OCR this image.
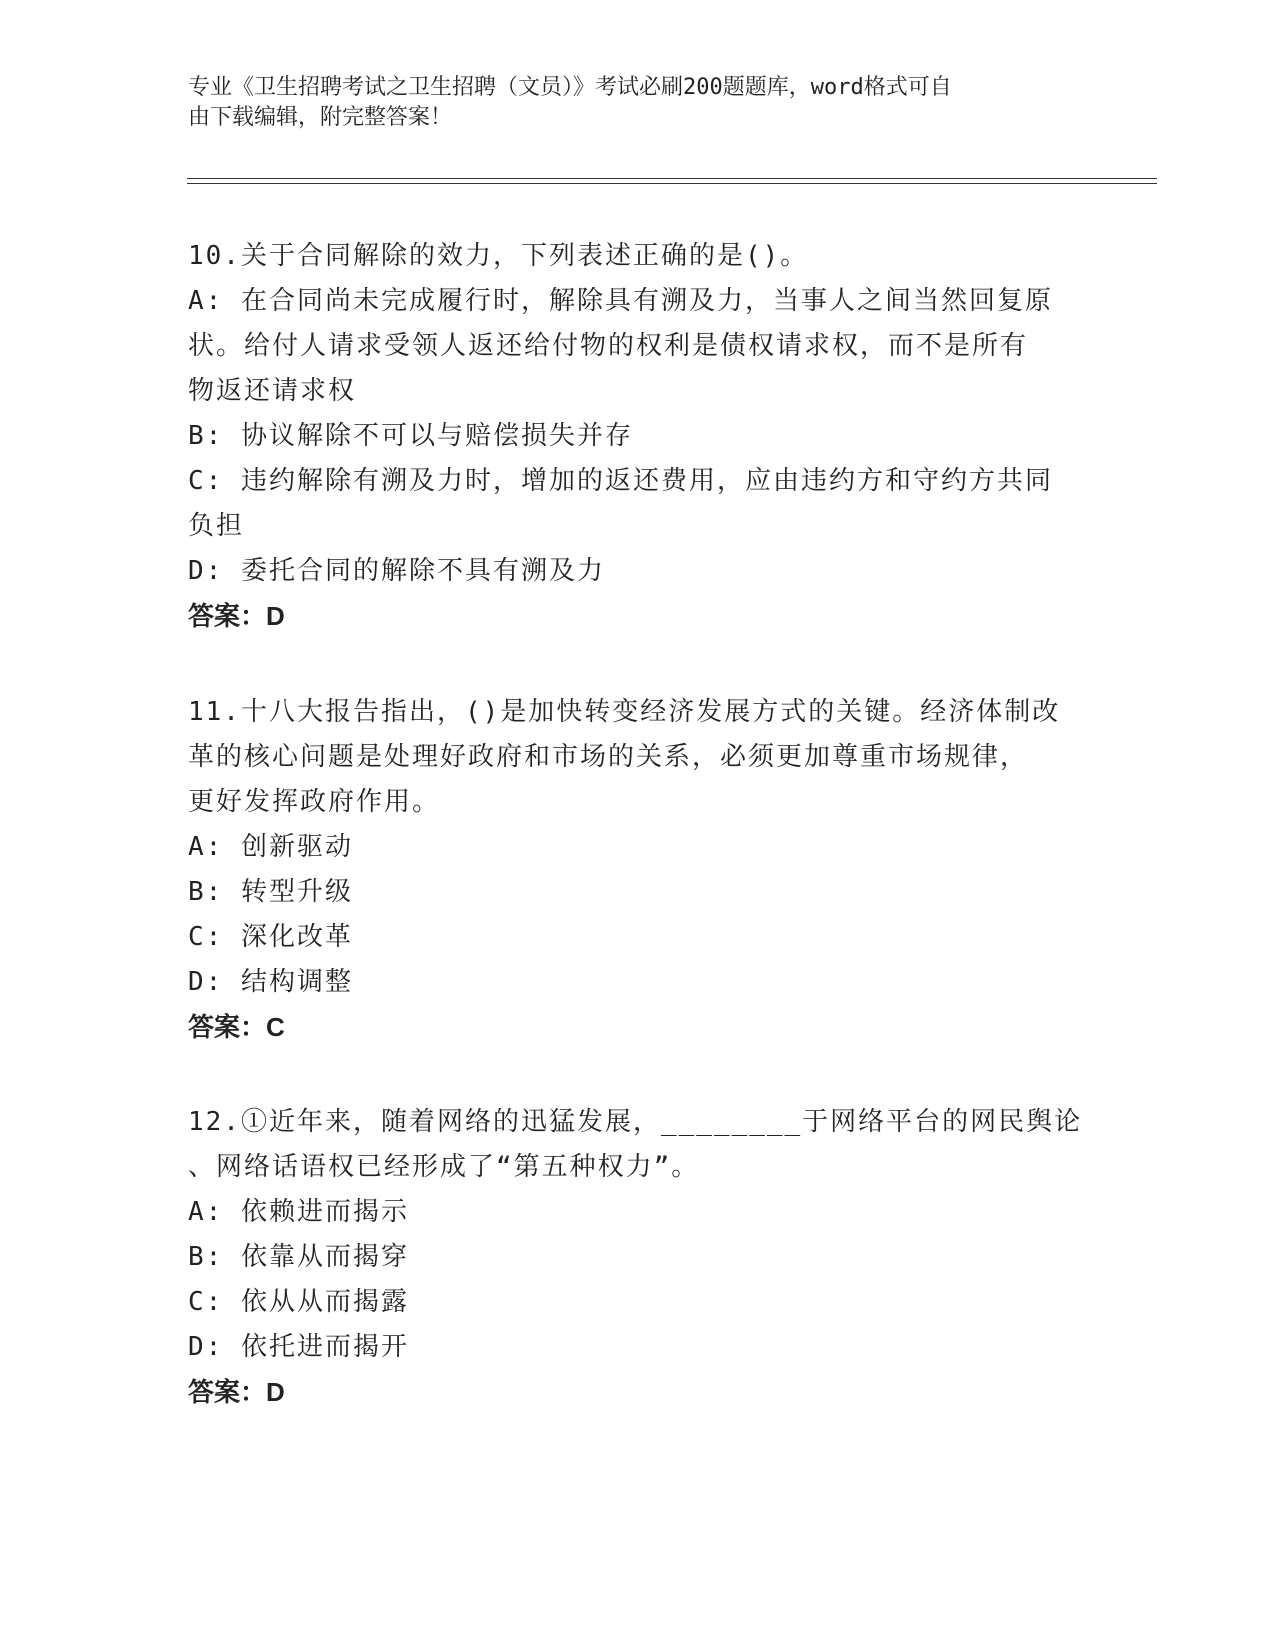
专业《卫生招聘考试之卫生招聘（文员）》考试必刷200题题库，word格式可自
由下载编辑，附完整答案！
10.关于合同解除的效力，下列表述正确的是()。
A: 在合同尚未完成履行时，解除具有溯及力，当事人之间当然回复原
状。给付人请求受领人返还给付物的权利是债权请求权，而不是所有
物返还请求权
B: 协议解除不可以与赔偿损失并存
C: 违约解除有溯及力时，增加的返还费用，应由违约方和守约方共同
负担
D: 委托合同的解除不具有溯及力
答案：D
11.十八大报告指出，()是加快转变经济发展方式的关键。经济体制改
革的核心问题是处理好政府和市场的关系，必须更加尊重市场规律，
更好发挥政府作用。
A: 创新驱动
B: 转型升级
C: 深化改革
D: 结构调整
答案：C
12.①近年来，随着网络的迅猛发展，________于网络平台的网民舆论
、网络话语权已经形成了“第五种权力”。
A: 依赖进而揭示
B: 依靠从而揭穿
C: 依从从而揭露
D: 依托进而揭开
答案：D
